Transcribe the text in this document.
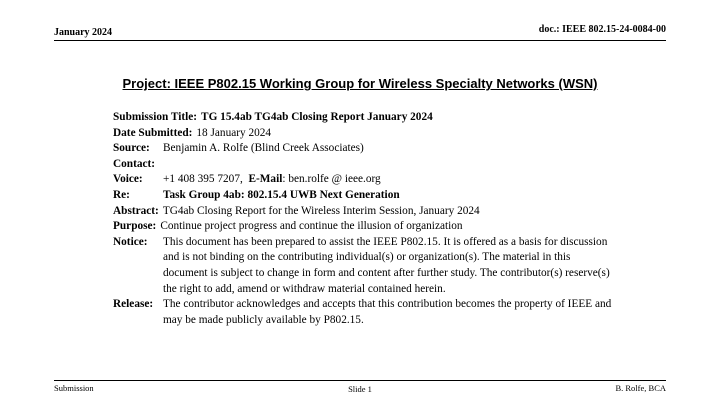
January 2024	doc.: IEEE 802.15-24-0084-00
Project: IEEE P802.15 Working Group for Wireless Specialty Networks (WSN)
Submission Title: TG 15.4ab TG4ab Closing Report January 2024
Date Submitted: 18 January 2024
Source:	Benjamin A. Rolfe (Blind Creek Associates)
Contact:
Voice:	+1 408 395 7207, E-Mail: ben.rolfe @ ieee.org
Re:	Task Group 4ab: 802.15.4 UWB Next Generation
Abstract: TG4ab Closing Report for the Wireless Interim Session, January 2024
Purpose: Continue project progress and continue the illusion of organization
Notice:	This document has been prepared to assist the IEEE P802.15. It is offered as a basis for discussion and is not binding on the contributing individual(s) or organization(s). The material in this document is subject to change in form and content after further study. The contributor(s) reserve(s) the right to add, amend or withdraw material contained herein.
Release: The contributor acknowledges and accepts that this contribution becomes the property of IEEE and may be made publicly available by P802.15.
Submission	Slide 1	B. Rolfe, BCA
